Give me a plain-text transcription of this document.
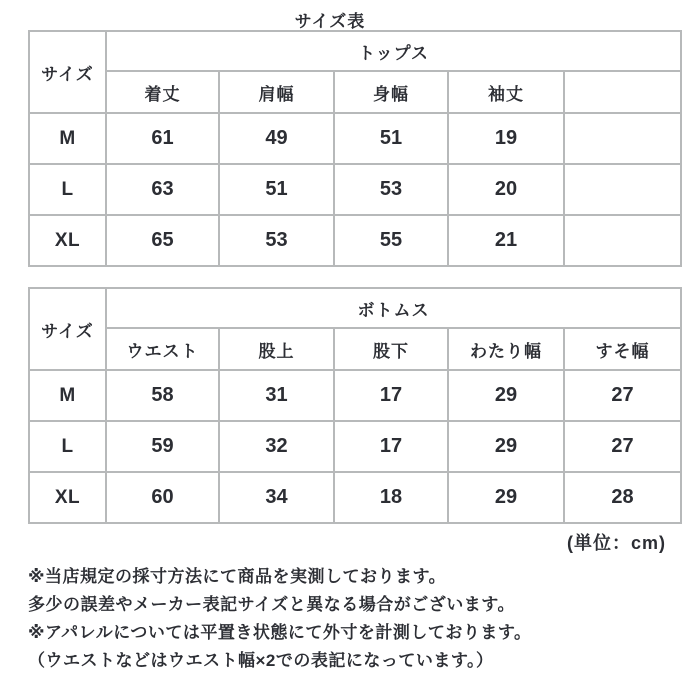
サイズ表
サイズ	トップス				
	着丈	肩幅	身幅	袖丈	
M	61	49	51	19	
L	63	51	53	20	
XL	65	53	55	21	
サイズ	ボトムス				
	ウエスト	股上	股下	わたり幅	すそ幅
M	58	31	17	29	27
L	59	32	17	29	27
XL	60	34	18	29	28
(単位：cm)
※当店規定の採寸方法にて商品を実測しております。
多少の誤差やメーカー表記サイズと異なる場合がございます。
※アパレルについては平置き状態にて外寸を計測しております。
（ウエストなどはウエスト幅×2での表記になっています。）
